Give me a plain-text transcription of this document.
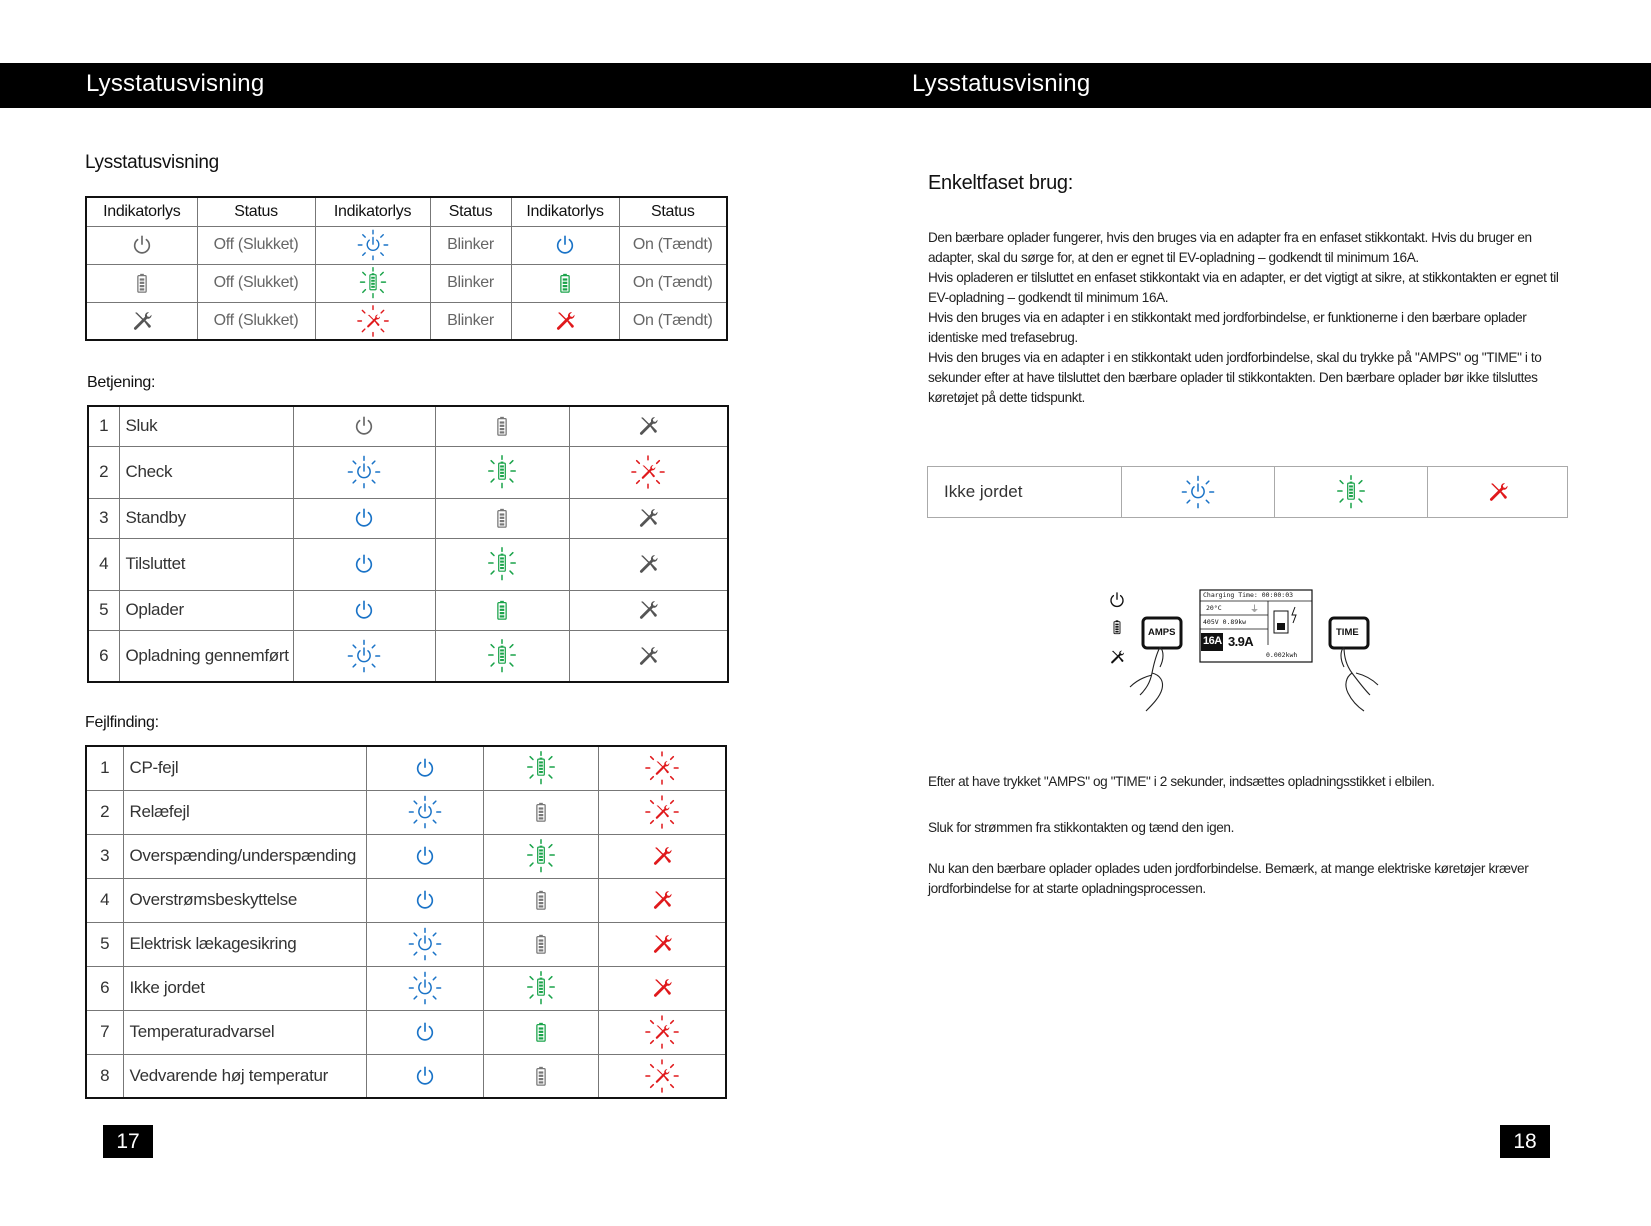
Lysstatusvisning
Lysstatusvisning
Indikatorlys	Status	Indikatorlys	Status	Indikatorlys	Status
	Off (Slukket)		Blinker		On (Tændt)
	Off (Slukket)		Blinker		On (Tændt)
	Off (Slukket)		Blinker		On (Tændt)
Betjening:
1	Sluk			
2	Check			
3	Standby			
4	Tilsluttet			
5	Oplader			
6	Opladning gennemført			
Fejlfinding:
1	CP-fejl			
2	Relæfejl			
3	Overspænding/underspænding			
4	Overstrømsbeskyttelse			
5	Elektrisk lækagesikring			
6	Ikke jordet			
7	Temperaturadvarsel			
8	Vedvarende høj temperatur			
17
Lysstatusvisning
18
Enkeltfaset brug:
Den bærbare oplader fungerer, hvis den bruges via en adapter fra en enfaset stikkontakt. Hvis du bruger en adapter, skal du sørge for, at den er egnet til EV-opladning – godkendt til minimum 16A.
Hvis opladeren er tilsluttet en enfaset stikkontakt via en adapter, er det vigtigt at sikre, at stikkontakten er egnet til EV-opladning – godkendt til minimum 16A.
Hvis den bruges via en adapter i en stikkontakt med jordforbindelse, er funktionerne i den bærbare oplader identiske med trefasebrug.
Hvis den bruges via en adapter i en stikkontakt uden jordforbindelse, skal du trykke på "AMPS" og "TIME" i to sekunder efter at have tilsluttet den bærbare oplader til stikkontakten. Den bærbare oplader bør ikke tilsluttes køretøjet på dette tidspunkt.
Ikke jordet			
AMPS	TIME
Charging Time: 00:00:03
20°C	⏚
405V 0.89kw
16A 3.9A
0.002kwh
Efter at have trykket "AMPS" og "TIME" i 2 sekunder, indsættes opladningsstikket i elbilen.
Sluk for strømmen fra stikkontakten og tænd den igen.
Nu kan den bærbare oplader oplades uden jordforbindelse. Bemærk, at mange elektriske køretøjer kræver jordforbindelse for at starte opladningsprocessen.
